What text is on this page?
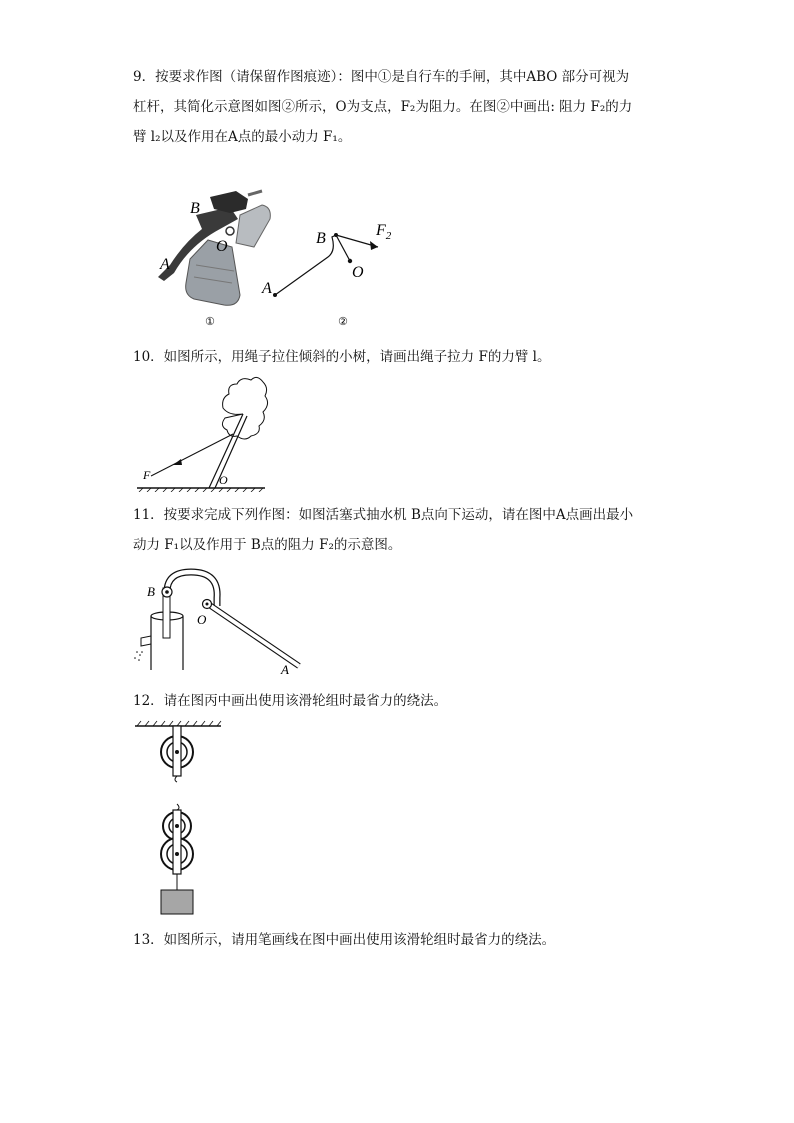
9．按要求作图（请保留作图痕迹）：图中①是自行车的手闸，其中ABO 部分可视为
杠杆，其简化示意图如图②所示，O为支点，F₂为阻力。在图②中画出: 阻力 F₂的力
臂 l₂以及作用在A点的最小动力 F₁。
B
O
A
B	$F_2$
O
A
①	②
10．如图所示，用绳子拉住倾斜的小树，请画出绳子拉力 F的力臂 l。
F	O
11．按要求完成下列作图：如图活塞式抽水机 B点向下运动，请在图中A点画出最小
动力 F₁以及作用于 B点的阻力 F₂的示意图。
B
O
A
12．请在图丙中画出使用该滑轮组时最省力的绕法。
13．如图所示，请用笔画线在图中画出使用该滑轮组时最省力的绕法。
